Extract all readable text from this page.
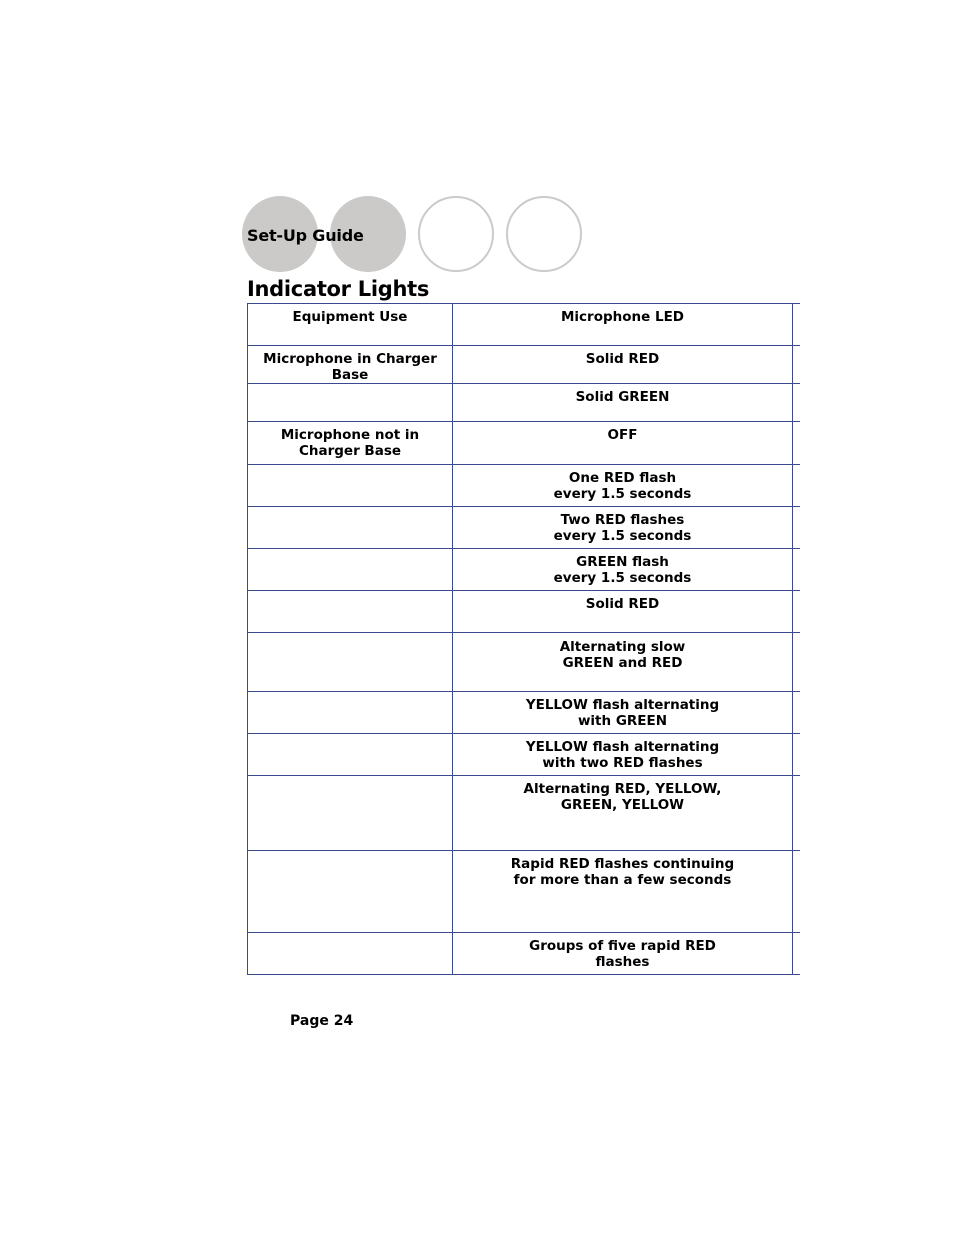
Set-Up Guide
Indicator Lights
Equipment Use	Microphone LED	
Microphone in Charger Base	Solid RED	
	Solid GREEN	
Microphone not in Charger Base	OFF	
	One RED flash
every 1.5 seconds	
	Two RED flashes
every 1.5 seconds	
	GREEN flash
every 1.5 seconds	
	Solid RED	
	Alternating slow
GREEN and RED	
	YELLOW flash alternating
with GREEN	
	YELLOW flash alternating
with two RED flashes	
	Alternating RED, YELLOW,
GREEN, YELLOW	
	Rapid RED flashes continuing
for more than a few seconds	
	Groups of five rapid RED
flashes	
Page 24
